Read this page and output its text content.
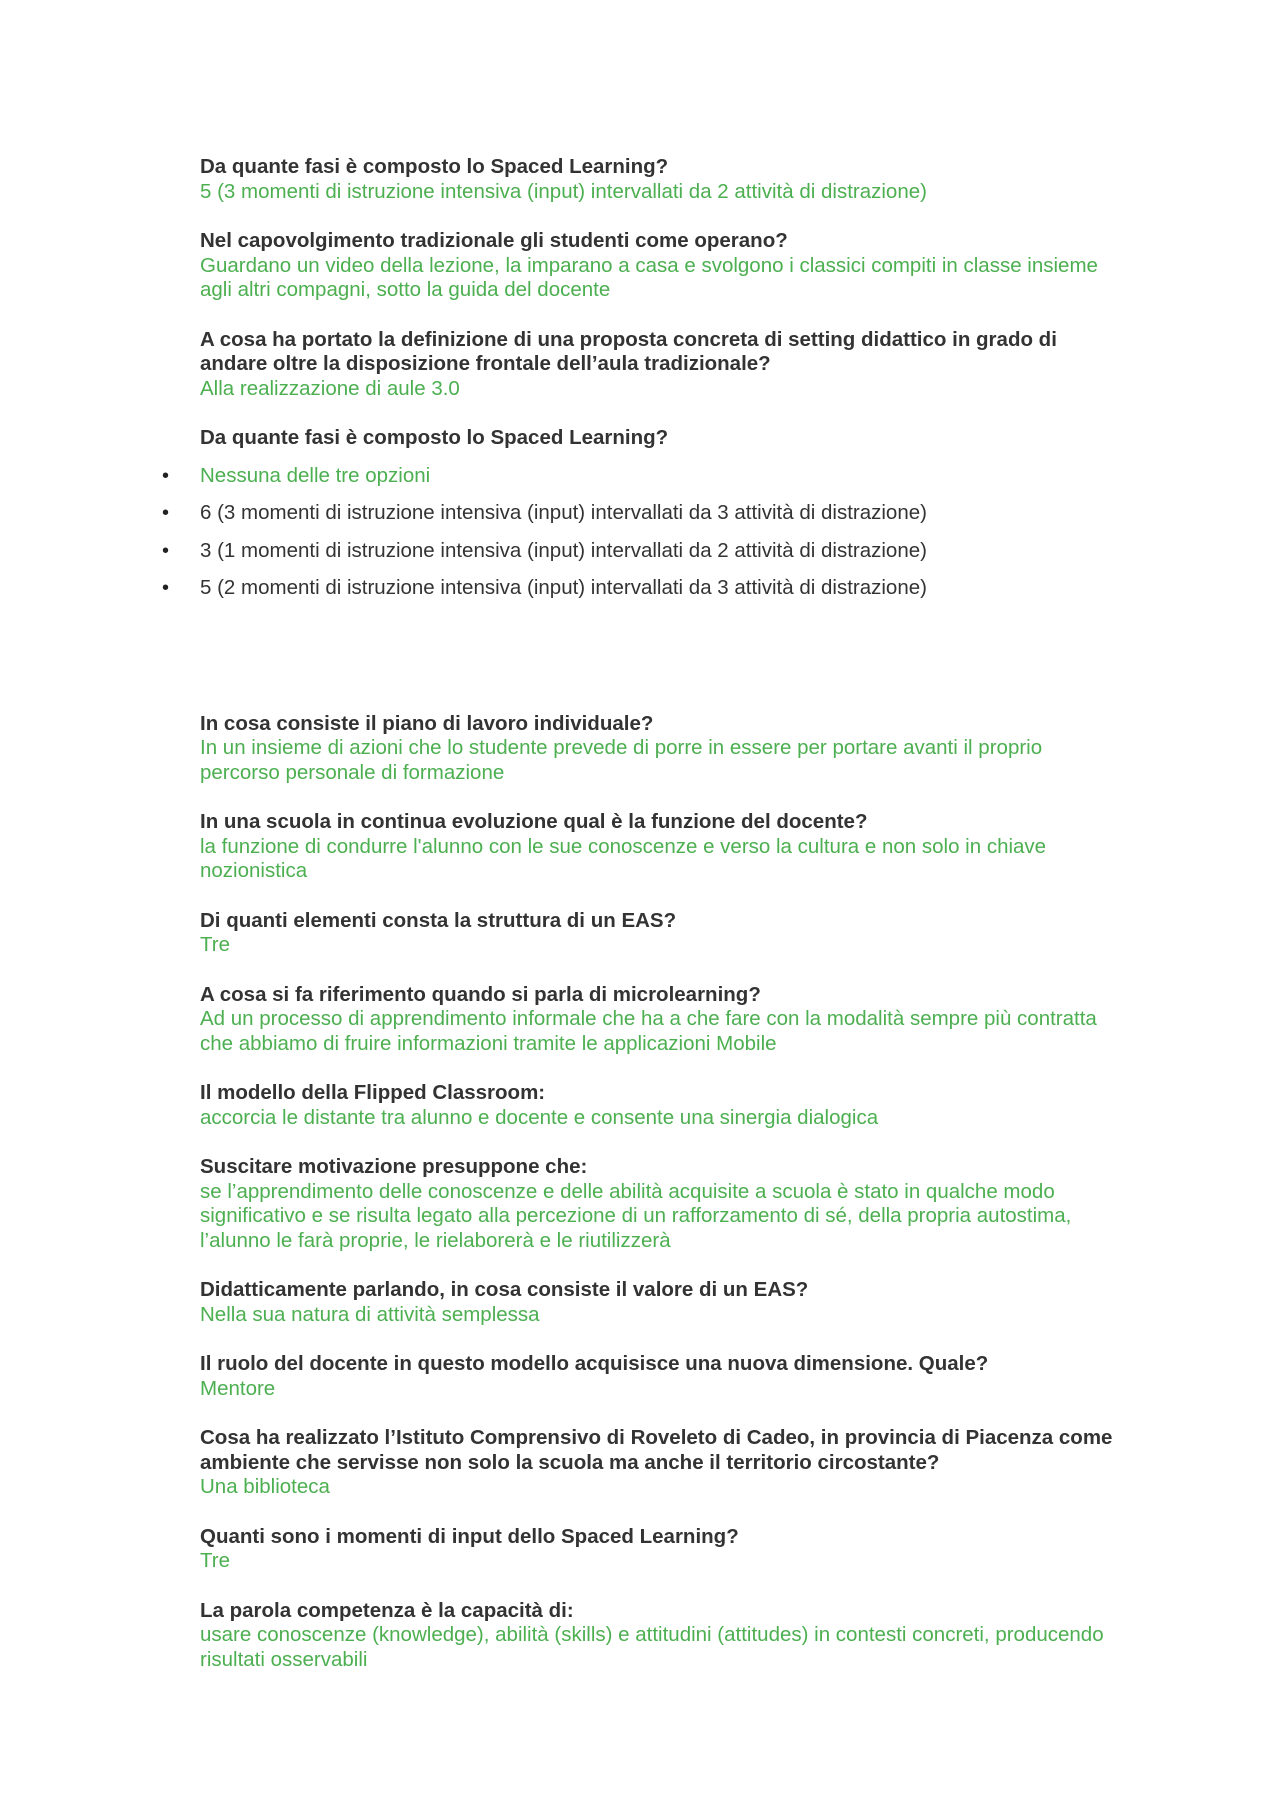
Da quante fasi è composto lo Spaced Learning?

5 (3 momenti di istruzione intensiva (input) intervallati da 2 attività di distrazione)

Nel capovolgimento tradizionale gli studenti come operano?

Guardano un video della lezione, la imparano a casa e svolgono i classici compiti in classe insieme

agli altri compagni, sotto la guida del docente

A cosa ha portato la definizione di una proposta concreta di setting didattico in grado di

andare oltre la disposizione frontale dell’aula tradizionale?

Alla realizzazione di aule 3.0

Da quante fasi è composto lo Spaced Learning?

• Nessuna delle tre opzioni
• 6 (3 momenti di istruzione intensiva (input) intervallati da 3 attività di distrazione)
• 3 (1 momenti di istruzione intensiva (input) intervallati da 2 attività di distrazione)
• 5 (2 momenti di istruzione intensiva (input) intervallati da 3 attività di distrazione)

In cosa consiste il piano di lavoro individuale?

In un insieme di azioni che lo studente prevede di porre in essere per portare avanti il proprio

percorso personale di formazione

In una scuola in continua evoluzione qual è la funzione del docente?

la funzione di condurre l'alunno con le sue conoscenze e verso la cultura e non solo in chiave

nozionistica

Di quanti elementi consta la struttura di un EAS?

Tre

A cosa si fa riferimento quando si parla di microlearning?

Ad un processo di apprendimento informale che ha a che fare con la modalità sempre più contratta

che abbiamo di fruire informazioni tramite le applicazioni Mobile

Il modello della Flipped Classroom:

accorcia le distante tra alunno e docente e consente una sinergia dialogica

Suscitare motivazione presuppone che:

se l’apprendimento delle conoscenze e delle abilità acquisite a scuola è stato in qualche modo

significativo e se risulta legato alla percezione di un rafforzamento di sé, della propria autostima,

l’alunno le farà proprie, le rielaborerà e le riutilizzerà

Didatticamente parlando, in cosa consiste il valore di un EAS?

Nella sua natura di attività semplessa

Il ruolo del docente in questo modello acquisisce una nuova dimensione. Quale?

Mentore

Cosa ha realizzato l’Istituto Comprensivo di Roveleto di Cadeo, in provincia di Piacenza come

ambiente che servisse non solo la scuola ma anche il territorio circostante?

Una biblioteca

Quanti sono i momenti di input dello Spaced Learning?

Tre

La parola competenza è la capacità di:

usare conoscenze (knowledge), abilità (skills) e attitudini (attitudes) in contesti concreti, producendo

risultati osservabili
